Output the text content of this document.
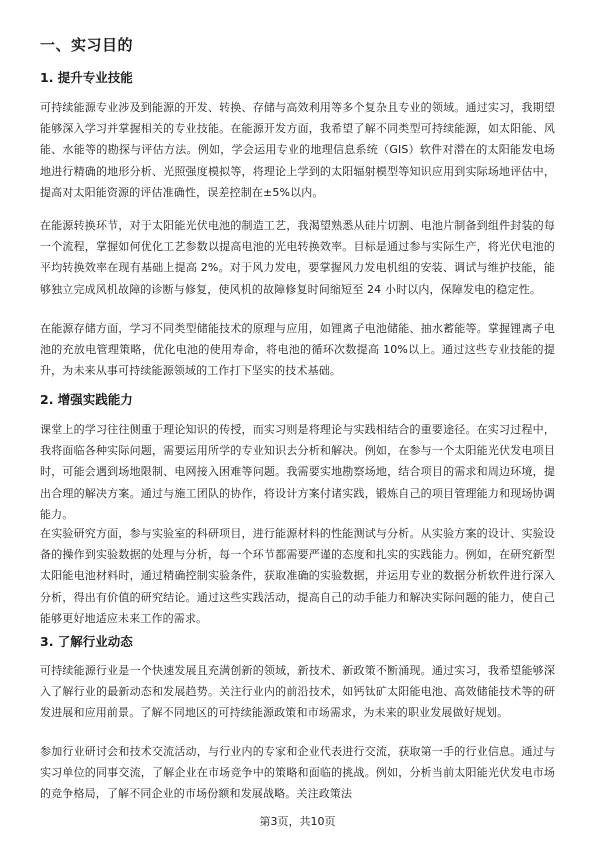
一、实习目的
1. 提升专业技能
可持续能源专业涉及到能源的开发、转换、存储与高效利用等多个复杂且专业的领域。通过实习，我期望能够深入学习并掌握相关的专业技能。在能源开发方面，我希望了解不同类型可持续能源，如太阳能、风能、水能等的勘探与评估方法。例如，学会运用专业的地理信息系统（GIS）软件对潜在的太阳能发电场地进行精确的地形分析、光照强度模拟等，将理论上学到的太阳辐射模型等知识应用到实际场地评估中，提高对太阳能资源的评估准确性，误差控制在±5%以内。
在能源转换环节，对于太阳能光伏电池的制造工艺，我渴望熟悉从硅片切割、电池片制备到组件封装的每一个流程，掌握如何优化工艺参数以提高电池的光电转换效率。目标是通过参与实际生产，将光伏电池的平均转换效率在现有基础上提高 2%。对于风力发电，要掌握风力发电机组的安装、调试与维护技能，能够独立完成风机故障的诊断与修复，使风机的故障修复时间缩短至 24 小时以内，保障发电的稳定性。
在能源存储方面，学习不同类型储能技术的原理与应用，如锂离子电池储能、抽水蓄能等。掌握锂离子电池的充放电管理策略，优化电池的使用寿命，将电池的循环次数提高 10%以上。通过这些专业技能的提升，为未来从事可持续能源领域的工作打下坚实的技术基础。
2. 增强实践能力
课堂上的学习往往侧重于理论知识的传授，而实习则是将理论与实践相结合的重要途径。在实习过程中，我将面临各种实际问题，需要运用所学的专业知识去分析和解决。例如，在参与一个太阳能光伏发电项目时，可能会遇到场地限制、电网接入困难等问题。我需要实地勘察场地，结合项目的需求和周边环境，提出合理的解决方案。通过与施工团队的协作，将设计方案付诸实践，锻炼自己的项目管理能力和现场协调能力。
在实验研究方面，参与实验室的科研项目，进行能源材料的性能测试与分析。从实验方案的设计、实验设备的操作到实验数据的处理与分析，每一个环节都需要严谨的态度和扎实的实践能力。例如，在研究新型太阳能电池材料时，通过精确控制实验条件，获取准确的实验数据，并运用专业的数据分析软件进行深入分析，得出有价值的研究结论。通过这些实践活动，提高自己的动手能力和解决实际问题的能力，使自己能够更好地适应未来工作的需求。
3. 了解行业动态
可持续能源行业是一个快速发展且充满创新的领域，新技术、新政策不断涌现。通过实习，我希望能够深入了解行业的最新动态和发展趋势。关注行业内的前沿技术，如钙钛矿太阳能电池、高效储能技术等的研发进展和应用前景。了解不同地区的可持续能源政策和市场需求，为未来的职业发展做好规划。
参加行业研讨会和技术交流活动，与行业内的专家和企业代表进行交流，获取第一手的行业信息。通过与实习单位的同事交流，了解企业在市场竞争中的策略和面临的挑战。例如，分析当前太阳能光伏发电市场的竞争格局，了解不同企业的市场份额和发展战略。关注政策法
第3页，共10页
